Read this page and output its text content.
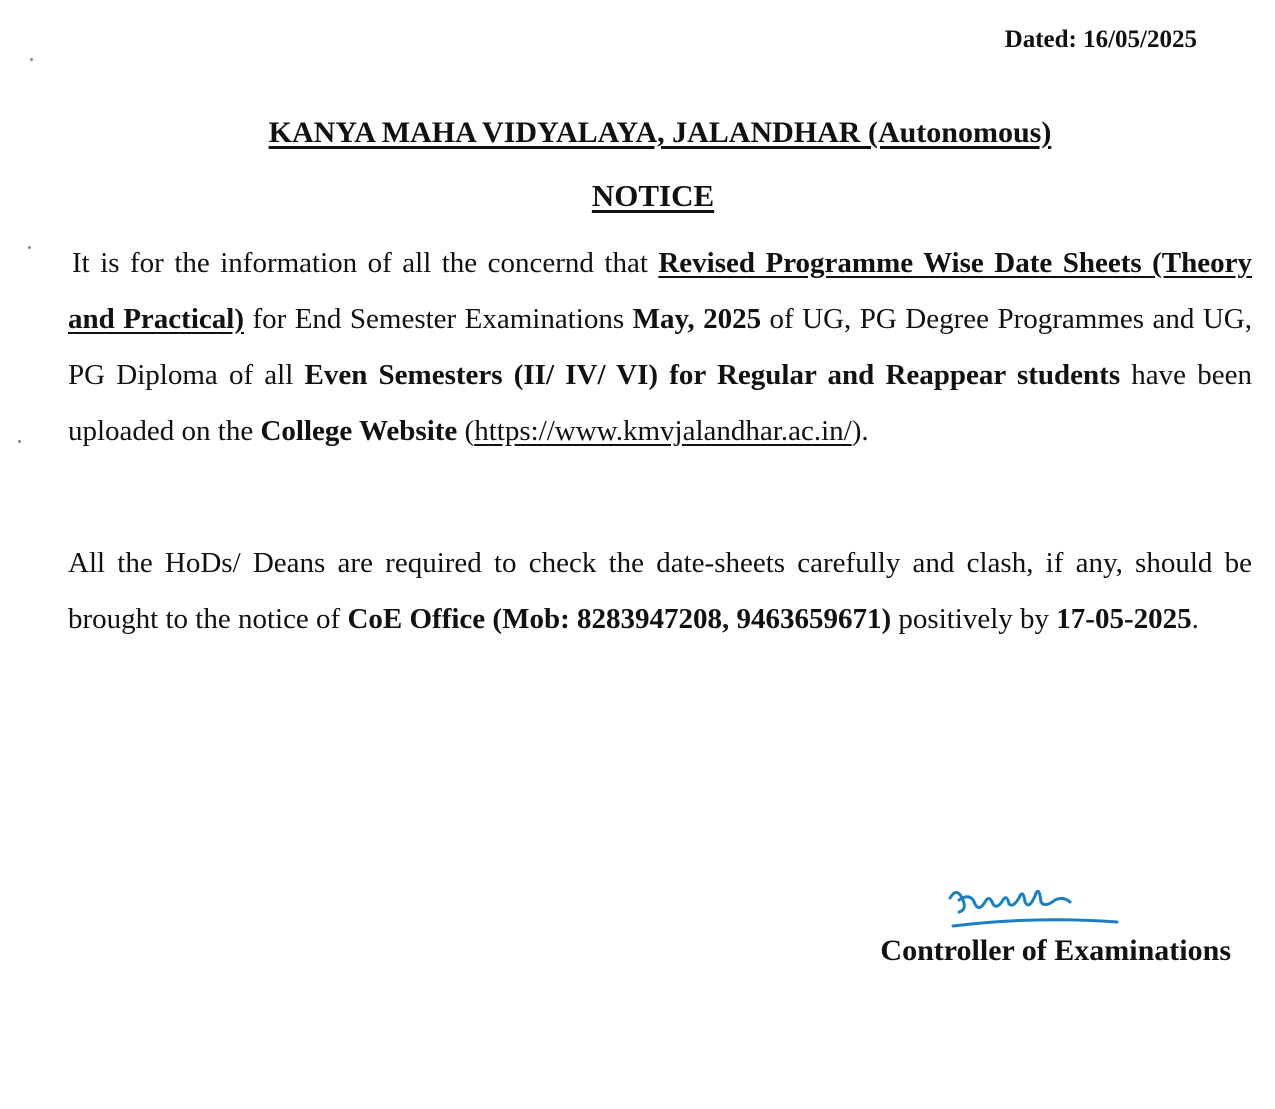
Dated: 16/05/2025
KANYA MAHA VIDYALAYA, JALANDHAR (Autonomous)
NOTICE

It is for the information of all the concernd that Revised Programme Wise Date Sheets (Theory and Practical) for End Semester Examinations May, 2025 of UG, PG Degree Programmes and UG, PG Diploma of all Even Semesters (II/ IV/ VI) for Regular and Reappear students have been uploaded on the College Website (https://www.kmvjalandhar.ac.in/).

All the HoDs/ Deans are required to check the date-sheets carefully and clash, if any, should be brought to the notice of CoE Office (Mob: 8283947208, 9463659671) positively by 17-05-2025.

Controller of Examinations
